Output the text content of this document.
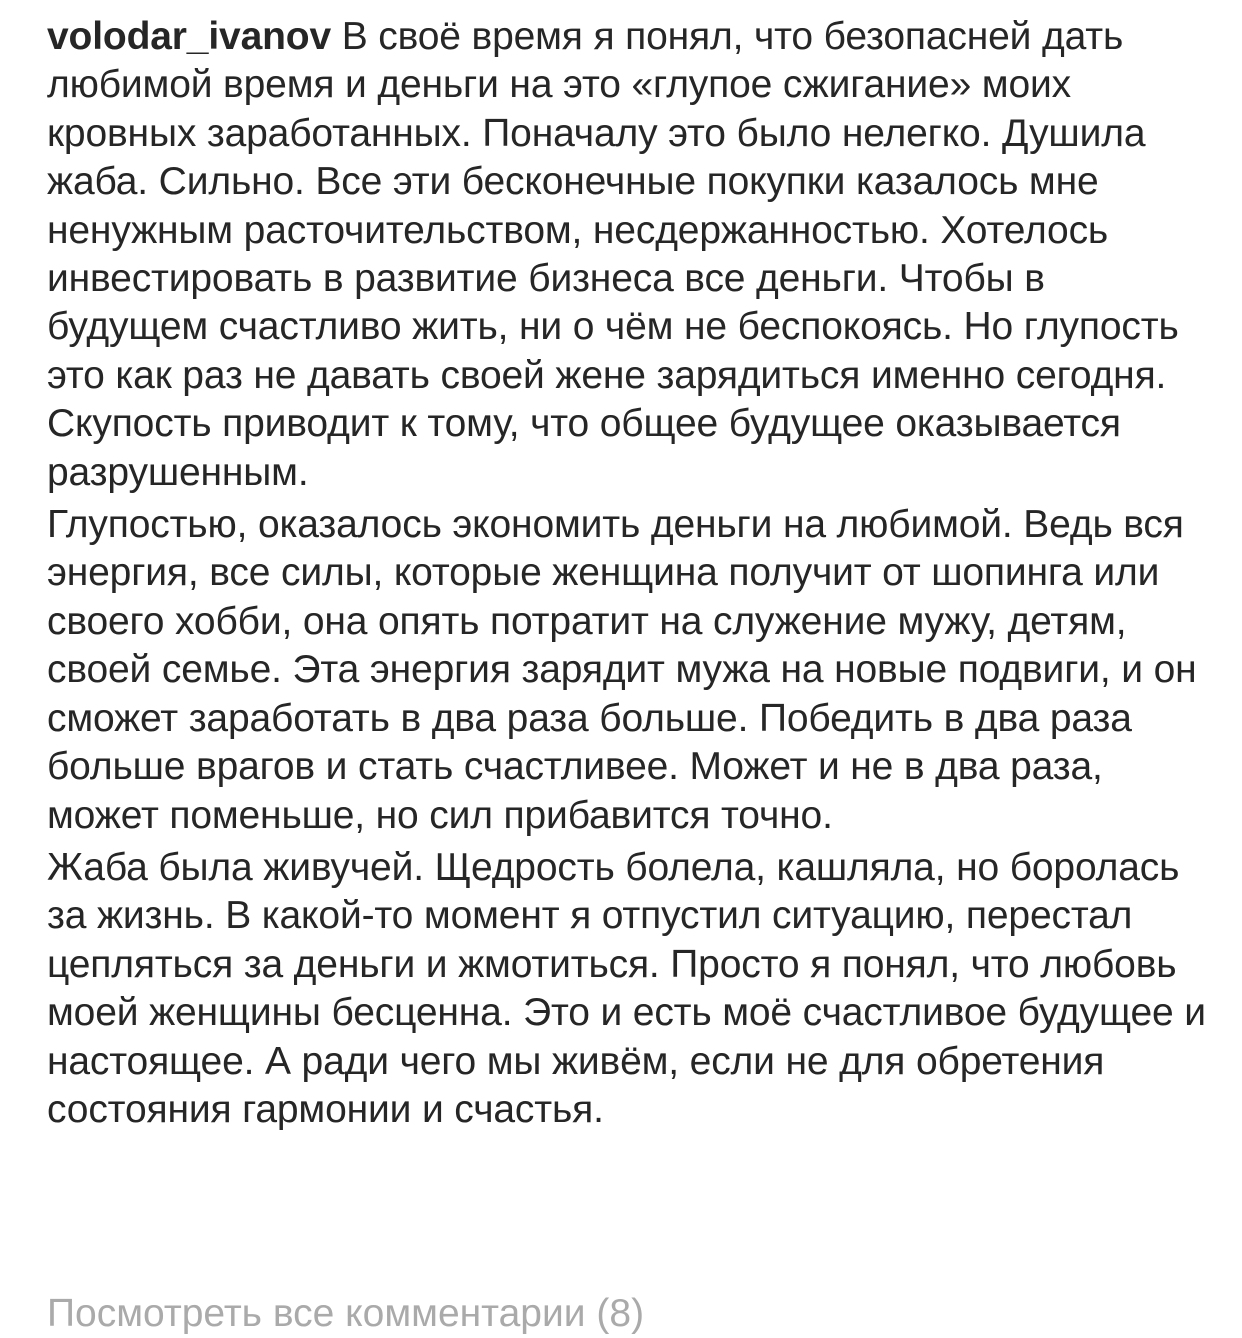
volodar_ivanov В своё время я понял, что безопасней дать любимой время и деньги на это «глупое сжигание» моих кровных заработанных. Поначалу это было нелегко. Душила жаба. Сильно. Все эти бесконечные покупки казалось мне ненужным расточительством, несдержанностью. Хотелось инвестировать в развитие бизнеса все деньги. Чтобы в будущем счастливо жить, ни о чём не беспокоясь. Но глупость это как раз не давать своей жене зарядиться именно сегодня. Скупость приводит к тому, что общее будущее оказывается разрушенным.

Глупостью, оказалось экономить деньги на любимой. Ведь вся энергия, все силы, которые женщина получит от шопинга или своего хобби, она опять потратит на служение мужу, детям, своей семье. Эта энергия зарядит мужа на новые подвиги, и он сможет заработать в два раза больше. Победить в два раза больше врагов и стать счастливее. Может и не в два раза, может поменьше, но сил прибавится точно.

Жаба была живучей. Щедрость болела, кашляла, но боролась за жизнь. В какой-то момент я отпустил ситуацию, перестал цепляться за деньги и жмотиться. Просто я понял, что любовь моей женщины бесценна. Это и есть моё счастливое будущее и настоящее. А ради чего мы живём, если не для обретения состояния гармонии и счастья.

Посмотреть все комментарии (8)
